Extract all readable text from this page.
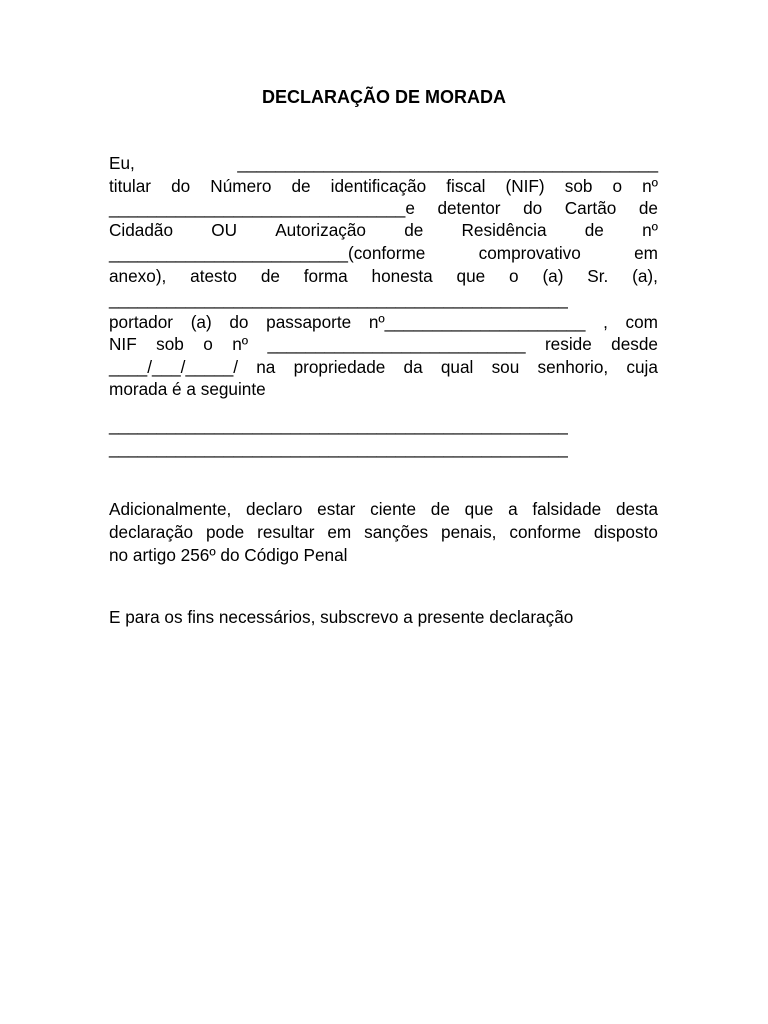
DECLARAÇÃO DE MORADA
Eu,	____________________________________________
titular do Número de identificação fiscal (NIF) sob o nº
_______________________________e detentor do Cartão de
Cidadão OU Autorização de Residência de nº
_________________________(conforme	comprovativo	em
anexo), atesto de forma honesta que o (a) Sr. (a),
________________________________________________
portador (a) do passaporte nº_____________________ , com
NIF sob o nº ___________________________ reside desde
____/___/_____/ na propriedade da qual sou senhorio, cuja
morada é a seguinte
________________________________________________
________________________________________________
Adicionalmente, declaro estar ciente de que a falsidade desta
declaração pode resultar em sanções penais, conforme disposto
no artigo 256º do Código Penal
E para os fins necessários, subscrevo a presente declaração
